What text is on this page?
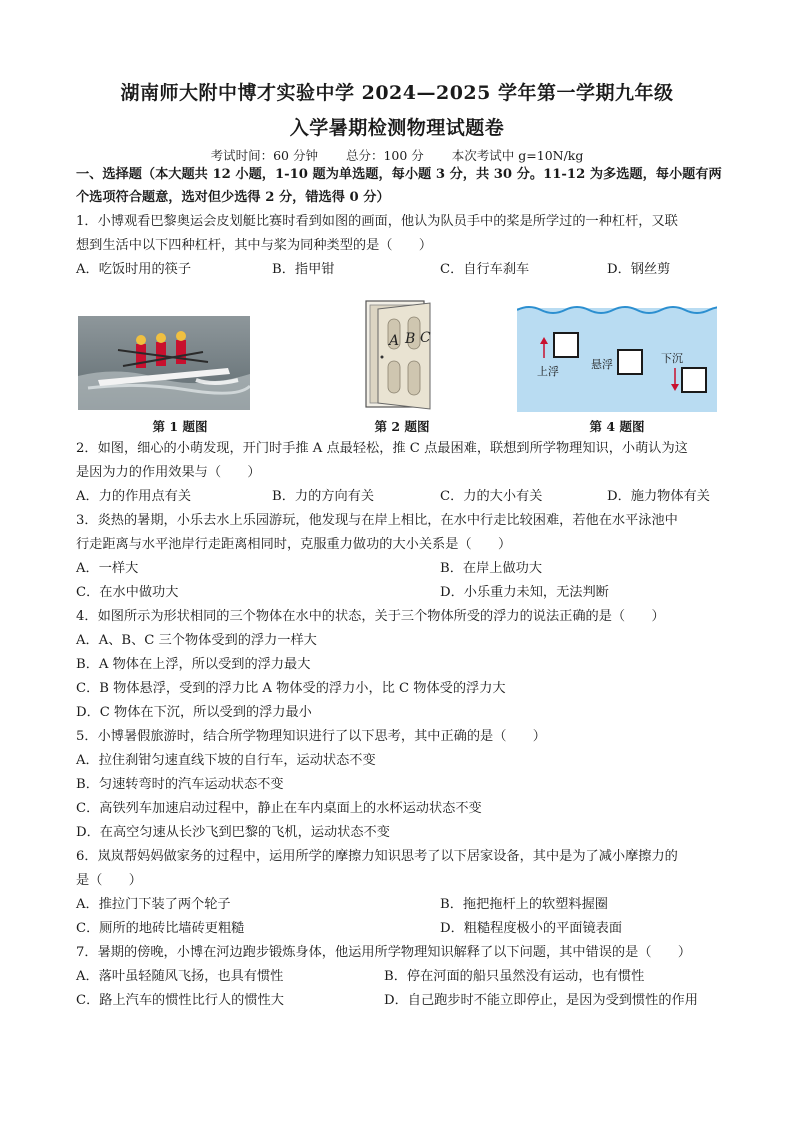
湖南师大附中博才实验中学 2024—2025 学年第一学期九年级
入学暑期检测物理试题卷
考试时间：60 分钟 总分：100 分 本次考试中 g=10N/kg
一、选择题（本大题共 12 小题，1-10 题为单选题，每小题 3 分，共 30 分。11-12 为多选题，每小题有两
个选项符合题意，选对但少选得 2 分，错选得 0 分）
1．小博观看巴黎奥运会皮划艇比赛时看到如图的画面，他认为队员手中的桨是所学过的一种杠杆，又联
想到生活中以下四种杠杆，其中与桨为同种类型的是（　　）
A．吃饭时用的筷子	B．指甲钳	C．自行车刹车	D．钢丝剪
第 1 题图
A B C
第 2 题图
上浮
悬浮	下沉
第 4 题图
2．如图，细心的小萌发现，开门时手推 A 点最轻松，推 C 点最困难，联想到所学物理知识，小萌认为这
是因为力的作用效果与（　　）
A．力的作用点有关	B．力的方向有关	C．力的大小有关	D．施力物体有关
3．炎热的暑期，小乐去水上乐园游玩，他发现与在岸上相比，在水中行走比较困难，若他在水平泳池中
行走距离与水平池岸行走距离相同时，克服重力做功的大小关系是（　　）
A．一样大	B．在岸上做功大
C．在水中做功大	D．小乐重力未知，无法判断
4．如图所示为形状相同的三个物体在水中的状态，关于三个物体所受的浮力的说法正确的是（　　）
A．A、B、C 三个物体受到的浮力一样大
B．A 物体在上浮，所以受到的浮力最大
C．B 物体悬浮，受到的浮力比 A 物体受的浮力小，比 C 物体受的浮力大
D．C 物体在下沉，所以受到的浮力最小
5．小博暑假旅游时，结合所学物理知识进行了以下思考，其中正确的是（　　）
A．拉住刹钳匀速直线下坡的自行车，运动状态不变
B．匀速转弯时的汽车运动状态不变
C．高铁列车加速启动过程中，静止在车内桌面上的水杯运动状态不变
D．在高空匀速从长沙飞到巴黎的飞机，运动状态不变
6．岚岚帮妈妈做家务的过程中，运用所学的摩擦力知识思考了以下居家设备，其中是为了减小摩擦力的
是（　　）
A．推拉门下装了两个轮子	B．拖把拖杆上的软塑料握圈
C．厕所的地砖比墙砖更粗糙	D．粗糙程度极小的平面镜表面
7．暑期的傍晚，小博在河边跑步锻炼身体，他运用所学物理知识解释了以下问题，其中错误的是（　　）
A．落叶虽轻随风飞扬，也具有惯性	B．停在河面的船只虽然没有运动，也有惯性
C．路上汽车的惯性比行人的惯性大	D．自己跑步时不能立即停止，是因为受到惯性的作用
